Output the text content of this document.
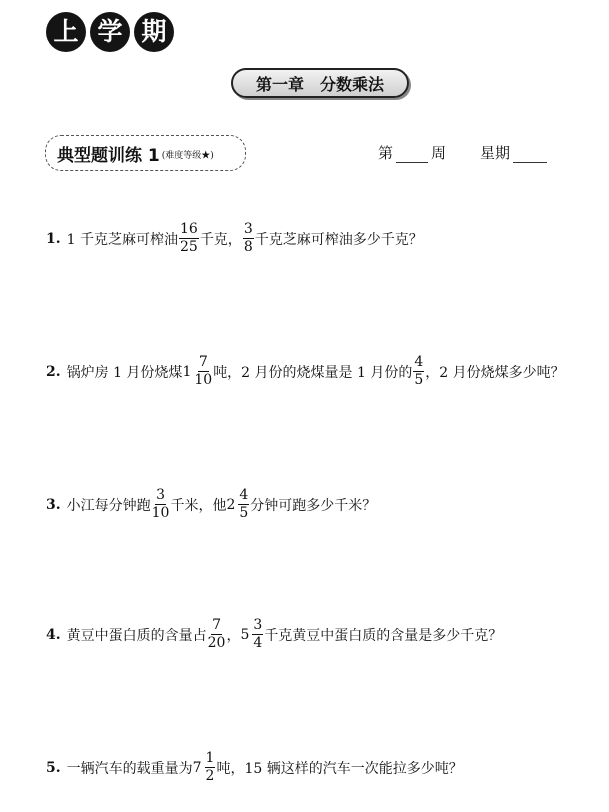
上 学 期
第一章 分数乘法
典型题训练 1 (难度等级★)	第	周 星期
1. 1 千克芝麻可榨油 $\frac{16}{25}$ 千克， $\frac{3}{8}$ 千克芝麻可榨油多少千克？
2. 锅炉房 1 月份烧煤 $1 \frac{7}{10}$ 吨，2 月份的烧煤量是 1 月份的 $\frac{4}{5}$ ，2 月份烧煤多少吨？
3. 小江每分钟跑 $\frac{3}{10}$ 千米，他 $2 \frac{4}{5}$ 分钟可跑多少千米？
4. 黄豆中蛋白质的含量占 $\frac{7}{20}$ ， $5 \frac{3}{4}$ 千克黄豆中蛋白质的含量是多少千克？
5. 一辆汽车的载重量为 $7 \frac{1}{2}$ 吨，15 辆这样的汽车一次能拉多少吨？
